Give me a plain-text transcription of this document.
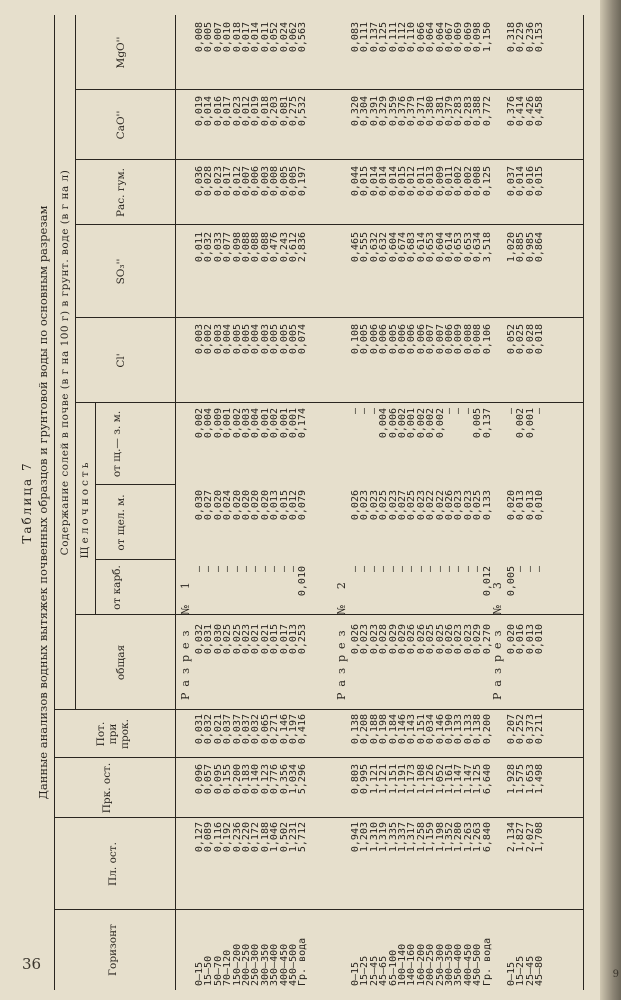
9
36
Таблица 7 Данные анализов водных вытяжек почвенных образцов и грунтовой воды по основным разрезам
Горизонт
Пл. ост.
Прк. ост.
Пот. при прок.
Содержание солей в почве (в г на 100 г) в грунт. воде (в г на л) Щелочность
общая
от карб.
от щел. м.
от щ.— з. м.
Cl'
SO₃''
Рас. гум.
CaO''
MgO''
Разрез № 1
0—15
15—50
50—70
70—120
150—200
200—250
250—300
300—350
350—400
400—450
450—500
Гр. вода
0,127
0,089
0,116
0,192
0,236
0,220
0,172
0,188
1,046
0,502
1,231
5,712
0,096
0,057
0,095
0,155
0,200
0,183
0,140
0,123
0,776
0,356
1,034
5,296
0,031
0,032
0,021
0,037
0,037
0,037
0,032
0,065
0,271
0,146
0,197
0,416
0,032
0,031
0,030
0,025
0,025
0,023
0,021
0,021
0,015
0,017
0,013
0,253
—
—
—
—
—
—
—
—
—
—
—
0,010
0,030
0,027
0,020
0,024
0,020
0,020
0,020
0,020
0,013
0,015
0,012
0,079
0,002
0,004
0,009
0,001
0,002
0,003
0,004
0,001
0,002
0,001
0,001
0,174
0,003
0,002
0,003
0,004
0,005
0,005
0,004
0,003
0,005
0,005
0,005
0,074
0,011
0,032
0,033
0,077
0,098
0,088
0,088
0,088
0,476
0,243
0,612
2,836
0,036
0,028
0,023
0,017
0,012
0,007
0,006
0,003
0,008
0,005
0,005
0,197
0,019
0,014
0,016
0,017
0,023
0,012
0,019
0,018
0,203
0,081
0,275
0,532
0,008
0,005
0,007
0,010
0,018
0,017
0,014
0,011
0,052
0,024
0,062
0,563
Разрез № 2
0—15
15—25
25—45
45—65
65—100
100—140
140—160
160—200
200—250
250—300
300—350
350—400
400—450
450—500
Гр. вода
0,941
1,203
1,310
1,319
1,335
1,337
1,317
1,258
1,159
1,198
1,352
1,280
1,263
1,263
6,840
0,803
0,995
1,121
1,121
1,151
1,191
1,173
1,108
1,126
1,052
1,161
1,147
1,147
1,125
6,640
0,138
0,208
0,188
0,198
0,184
0,146
0,143
0,151
0,034
0,146
0,190
0,133
0,133
0,138
0,200
0,026
0,023
0,023
0,028
0,029
0,029
0,026
0,026
0,025
0,025
0,026
0,023
0,023
0,029
0,270
—
—
—
—
—
—
—
—
—
—
—
—
—
—
0,012
0,026
0,023
0,023
0,025
0,023
0,027
0,025
0,023
0,022
0,022
0,026
0,023
0,023
0,025
0,133
—
—
—
0,004
0,006
0,002
0,001
0,002
0,002
0,002
—
—
—
0,005
0,137
0,108
0,005
0,006
0,006
0,005
0,006
0,006
0,006
0,007
0,007
0,006
0,009
0,008
0,008
0,106
0,465
0,555
0,632
0,632
0,604
0,674
0,683
0,614
0,653
0,604
0,614
0,653
0,653
0,634
3,518
0,044
0,015
0,014
0,014
0,014
0,015
0,012
0,011
0,013
0,009
0,011
0,002
0,002
0,008
0,125
0,320
0,304
0,391
0,329
0,359
0,376
0,379
0,371
0,380
0,381
0,379
0,283
0,283
0,388
0,772
0,083
0,111
0,137
0,125
0,111
0,112
0,110
0,066
0,064
0,064
0,067
0,069
0,069
0,098
1,150
Разрез № 3
0—15
15—25
25—45
45—80
2,134
1,827
2,027
1,708
1,928
1,575
1,653
1,498
0,207
0,252
0,373
0,211
0,020
0,016
0,013
0,010
0,005
—
—
—
0,020
0,013
0,013
0,010
—
0,002
0,001
—
0,052
0,025
0,028
0,018
1,020
0,885
0,985
0,864
0,037
0,014
0,016
0,015
0,376
0,414
0,426
0,458
0,318
0,229
0,236
0,153
